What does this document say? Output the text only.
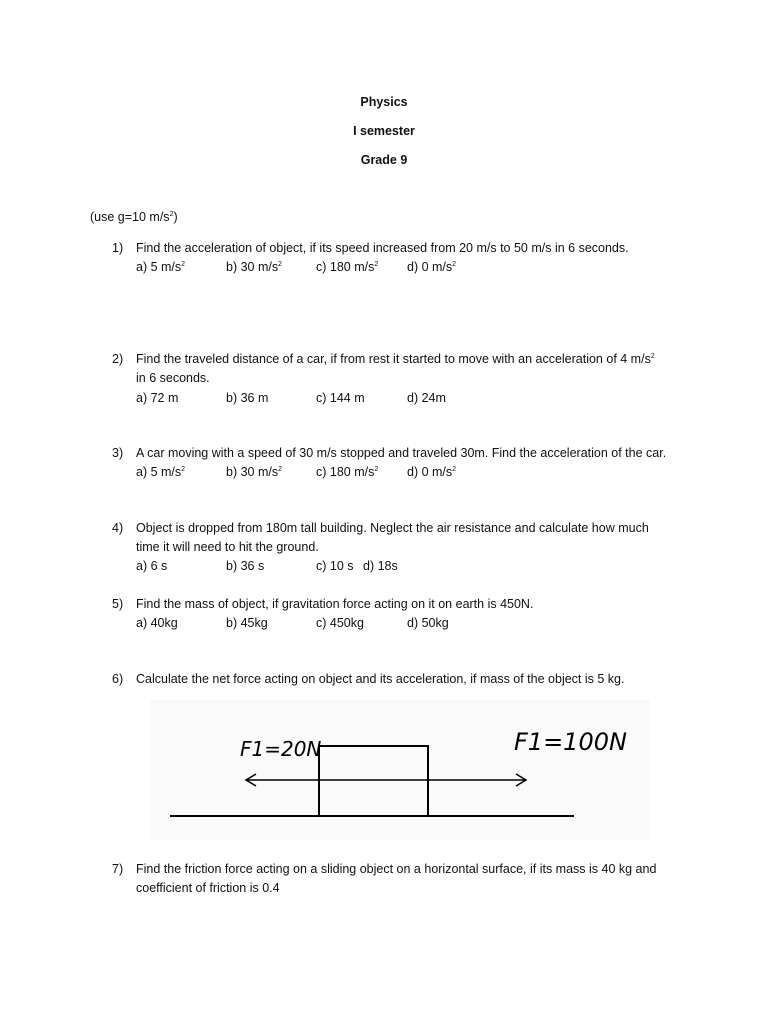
Physics
I semester
Grade 9
(use g=10 $m/s^2$)
1) Find the acceleration of object, if its speed increased from 20 m/s to 50 m/s in 6 seconds.
a) 5 $m/s^2$	b) 30 $m/s^2$	c) 180 $m/s^2$ d) 0 $m/s^2$
2) Find the traveled distance of a car, if from rest it started to move with an acceleration of 4 $m/s^2$
in 6 seconds.
a) 72 m	b) 36 m	c) 144 m	d) 24m
3) A car moving with a speed of 30 m/s stopped and traveled 30m. Find the acceleration of the car.
a) 5 $m/s^2$	b) 30 $m/s^2$	c) 180 $m/s^2$ d) 0 $m/s^2$
4) Object is dropped from 180m tall building. Neglect the air resistance and calculate how much
time it will need to hit the ground.
a) 6 s	b) 36 s	c) 10 s d) 18s
5) Find the mass of object, if gravitation force acting on it on earth is 450N.
a) 40kg	b) 45kg	c) 450kg	d) 50kg
6) Calculate the net force acting on object and its acceleration, if mass of the object is 5 kg.
F1=20N	F1=100N
7) Find the friction force acting on a sliding object on a horizontal surface, if its mass is 40 kg and
coefficient of friction is 0.4
